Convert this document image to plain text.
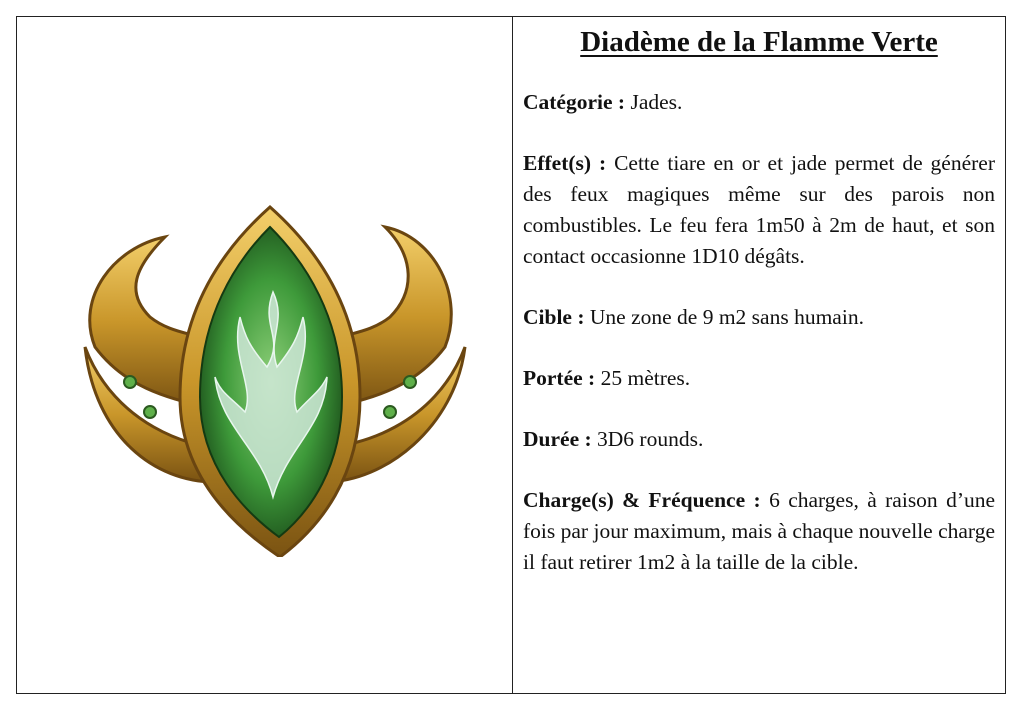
Diadème de la Flamme Verte

Catégorie : Jades.

Effet(s) : Cette tiare en or et jade permet de générer des feux magiques même sur des parois non combustibles. Le feu fera 1m50 à 2m de haut, et son contact occasionne 1D10 dégâts.

Cible : Une zone de 9 m2 sans humain.

Portée : 25 mètres.

Durée : 3D6 rounds.

Charge(s) & Fréquence : 6 charges, à raison d’une fois par jour maximum, mais à chaque nouvelle charge il faut retirer 1m2 à la taille de la cible.
